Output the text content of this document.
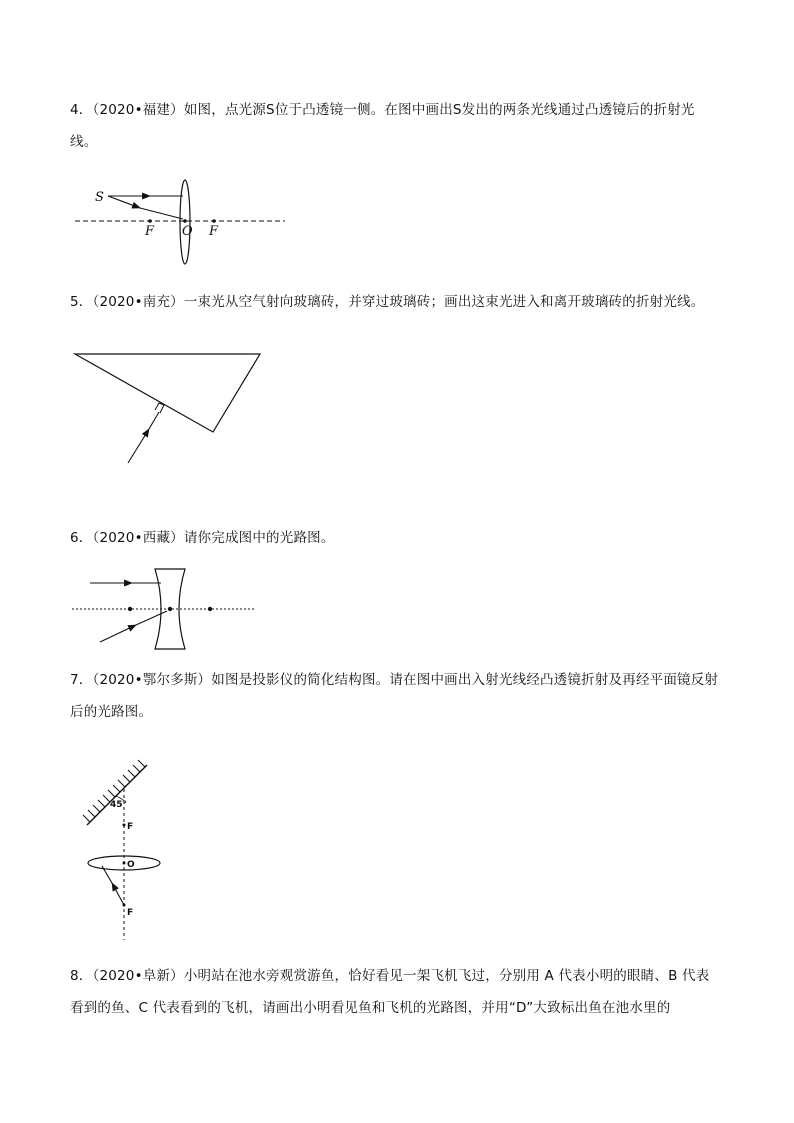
4．（2020•福建）如图，点光源S位于凸透镜一侧。在图中画出S发出的两条光线通过凸透镜后的折射光线。

S
F O F

5．（2020•南充）一束光从空气射向玻璃砖，并穿过玻璃砖；画出这束光进入和离开玻璃砖的折射光线。

6．（2020•西藏）请你完成图中的光路图。

7．（2020•鄂尔多斯）如图是投影仪的简化结构图。请在图中画出入射光线经凸透镜折射及再经平面镜反射后的光路图。

45°
F
O
F

8．（2020•阜新）小明站在池水旁观赏游鱼，恰好看见一架飞机飞过，分别用 A 代表小明的眼睛、B 代表看到的鱼、C 代表看到的飞机，请画出小明看见鱼和飞机的光路图，并用“D”大致标出鱼在池水里的
